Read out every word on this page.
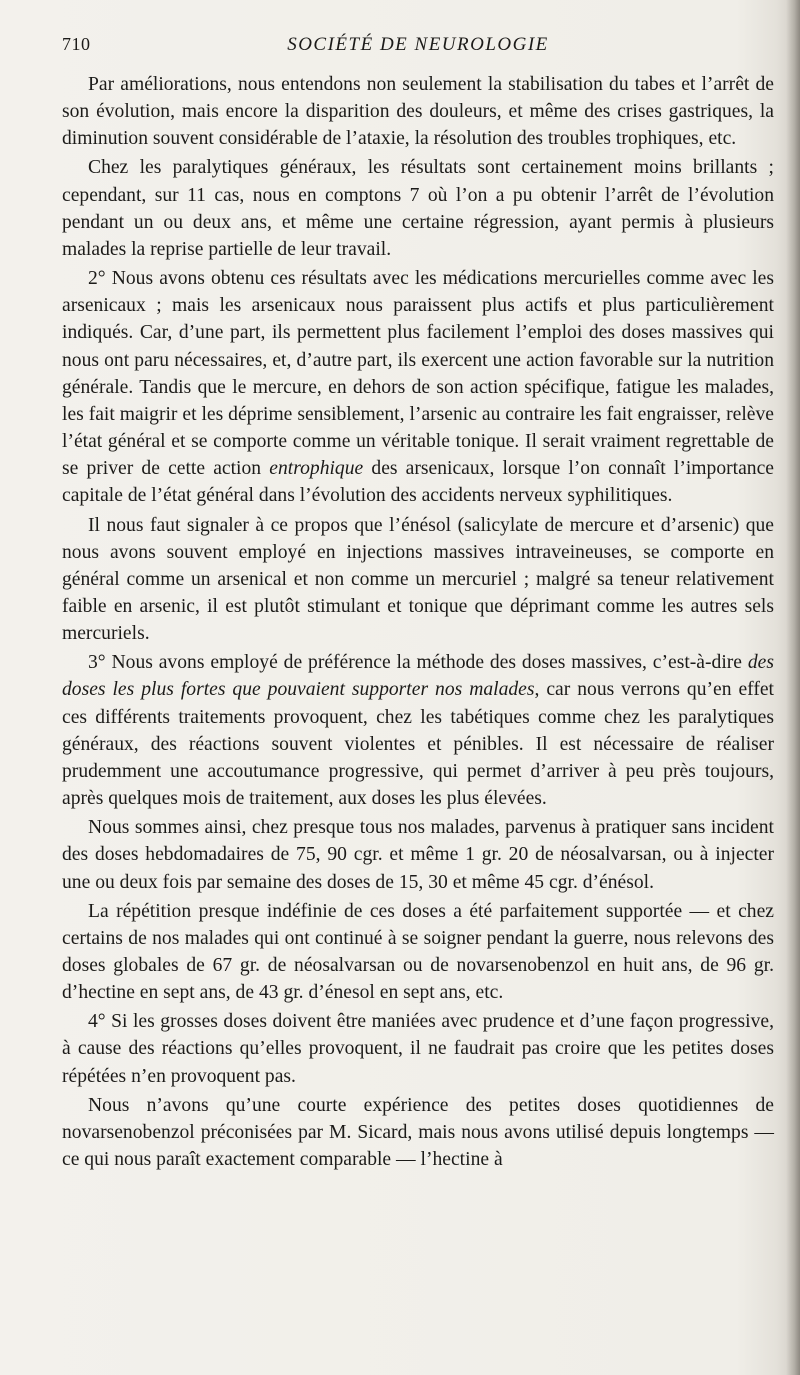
710	SOCIÉTÉ DE NEUROLOGIE

Par améliorations, nous entendons non seulement la stabilisation du tabes et l’arrêt de son évolution, mais encore la disparition des douleurs, et même des crises gastriques, la diminution souvent considérable de l’ataxie, la résolution des troubles trophiques, etc.

Chez les paralytiques généraux, les résultats sont certainement moins brillants ; cependant, sur 11 cas, nous en comptons 7 où l’on a pu obtenir l’arrêt de l’évolution pendant un ou deux ans, et même une certaine régression, ayant permis à plusieurs malades la reprise partielle de leur travail.

2° Nous avons obtenu ces résultats avec les médications mercurielles comme avec les arsenicaux ; mais les arsenicaux nous paraissent plus actifs et plus particulièrement indiqués. Car, d’une part, ils permettent plus facilement l’emploi des doses massives qui nous ont paru nécessaires, et, d’autre part, ils exercent une action favorable sur la nutrition générale. Tandis que le mercure, en dehors de son action spécifique, fatigue les malades, les fait maigrir et les déprime sensiblement, l’arsenic au contraire les fait engraisser, relève l’état général et se comporte comme un véritable tonique. Il serait vraiment regrettable de se priver de cette action entrophique des arsenicaux, lorsque l’on connaît l’importance capitale de l’état général dans l’évolution des accidents nerveux syphilitiques.

Il nous faut signaler à ce propos que l’énésol (salicylate de mercure et d’arsenic) que nous avons souvent employé en injections massives intraveineuses, se comporte en général comme un arsenical et non comme un mercuriel ; malgré sa teneur relativement faible en arsenic, il est plutôt stimulant et tonique que déprimant comme les autres sels mercuriels.

3° Nous avons employé de préférence la méthode des doses massives, c’est-à-dire des doses les plus fortes que pouvaient supporter nos malades, car nous verrons qu’en effet ces différents traitements provoquent, chez les tabétiques comme chez les paralytiques généraux, des réactions souvent violentes et pénibles. Il est nécessaire de réaliser prudemment une accoutumance progressive, qui permet d’arriver à peu près toujours, après quelques mois de traitement, aux doses les plus élevées.

Nous sommes ainsi, chez presque tous nos malades, parvenus à pratiquer sans incident des doses hebdomadaires de 75, 90 cgr. et même 1 gr. 20 de néosalvarsan, ou à injecter une ou deux fois par semaine des doses de 15, 30 et même 45 cgr. d’énésol.

La répétition presque indéfinie de ces doses a été parfaitement supportée — et chez certains de nos malades qui ont continué à se soigner pendant la guerre, nous relevons des doses globales de 67 gr. de néosalvarsan ou de novarsenobenzol en huit ans, de 96 gr. d’hectine en sept ans, de 43 gr. d’énesol en sept ans, etc.

4° Si les grosses doses doivent être maniées avec prudence et d’une façon progressive, à cause des réactions qu’elles provoquent, il ne faudrait pas croire que les petites doses répétées n’en provoquent pas.

Nous n’avons qu’une courte expérience des petites doses quotidiennes de novarsenobenzol préconisées par M. Sicard, mais nous avons utilisé depuis longtemps — ce qui nous paraît exactement comparable — l’hectine à
